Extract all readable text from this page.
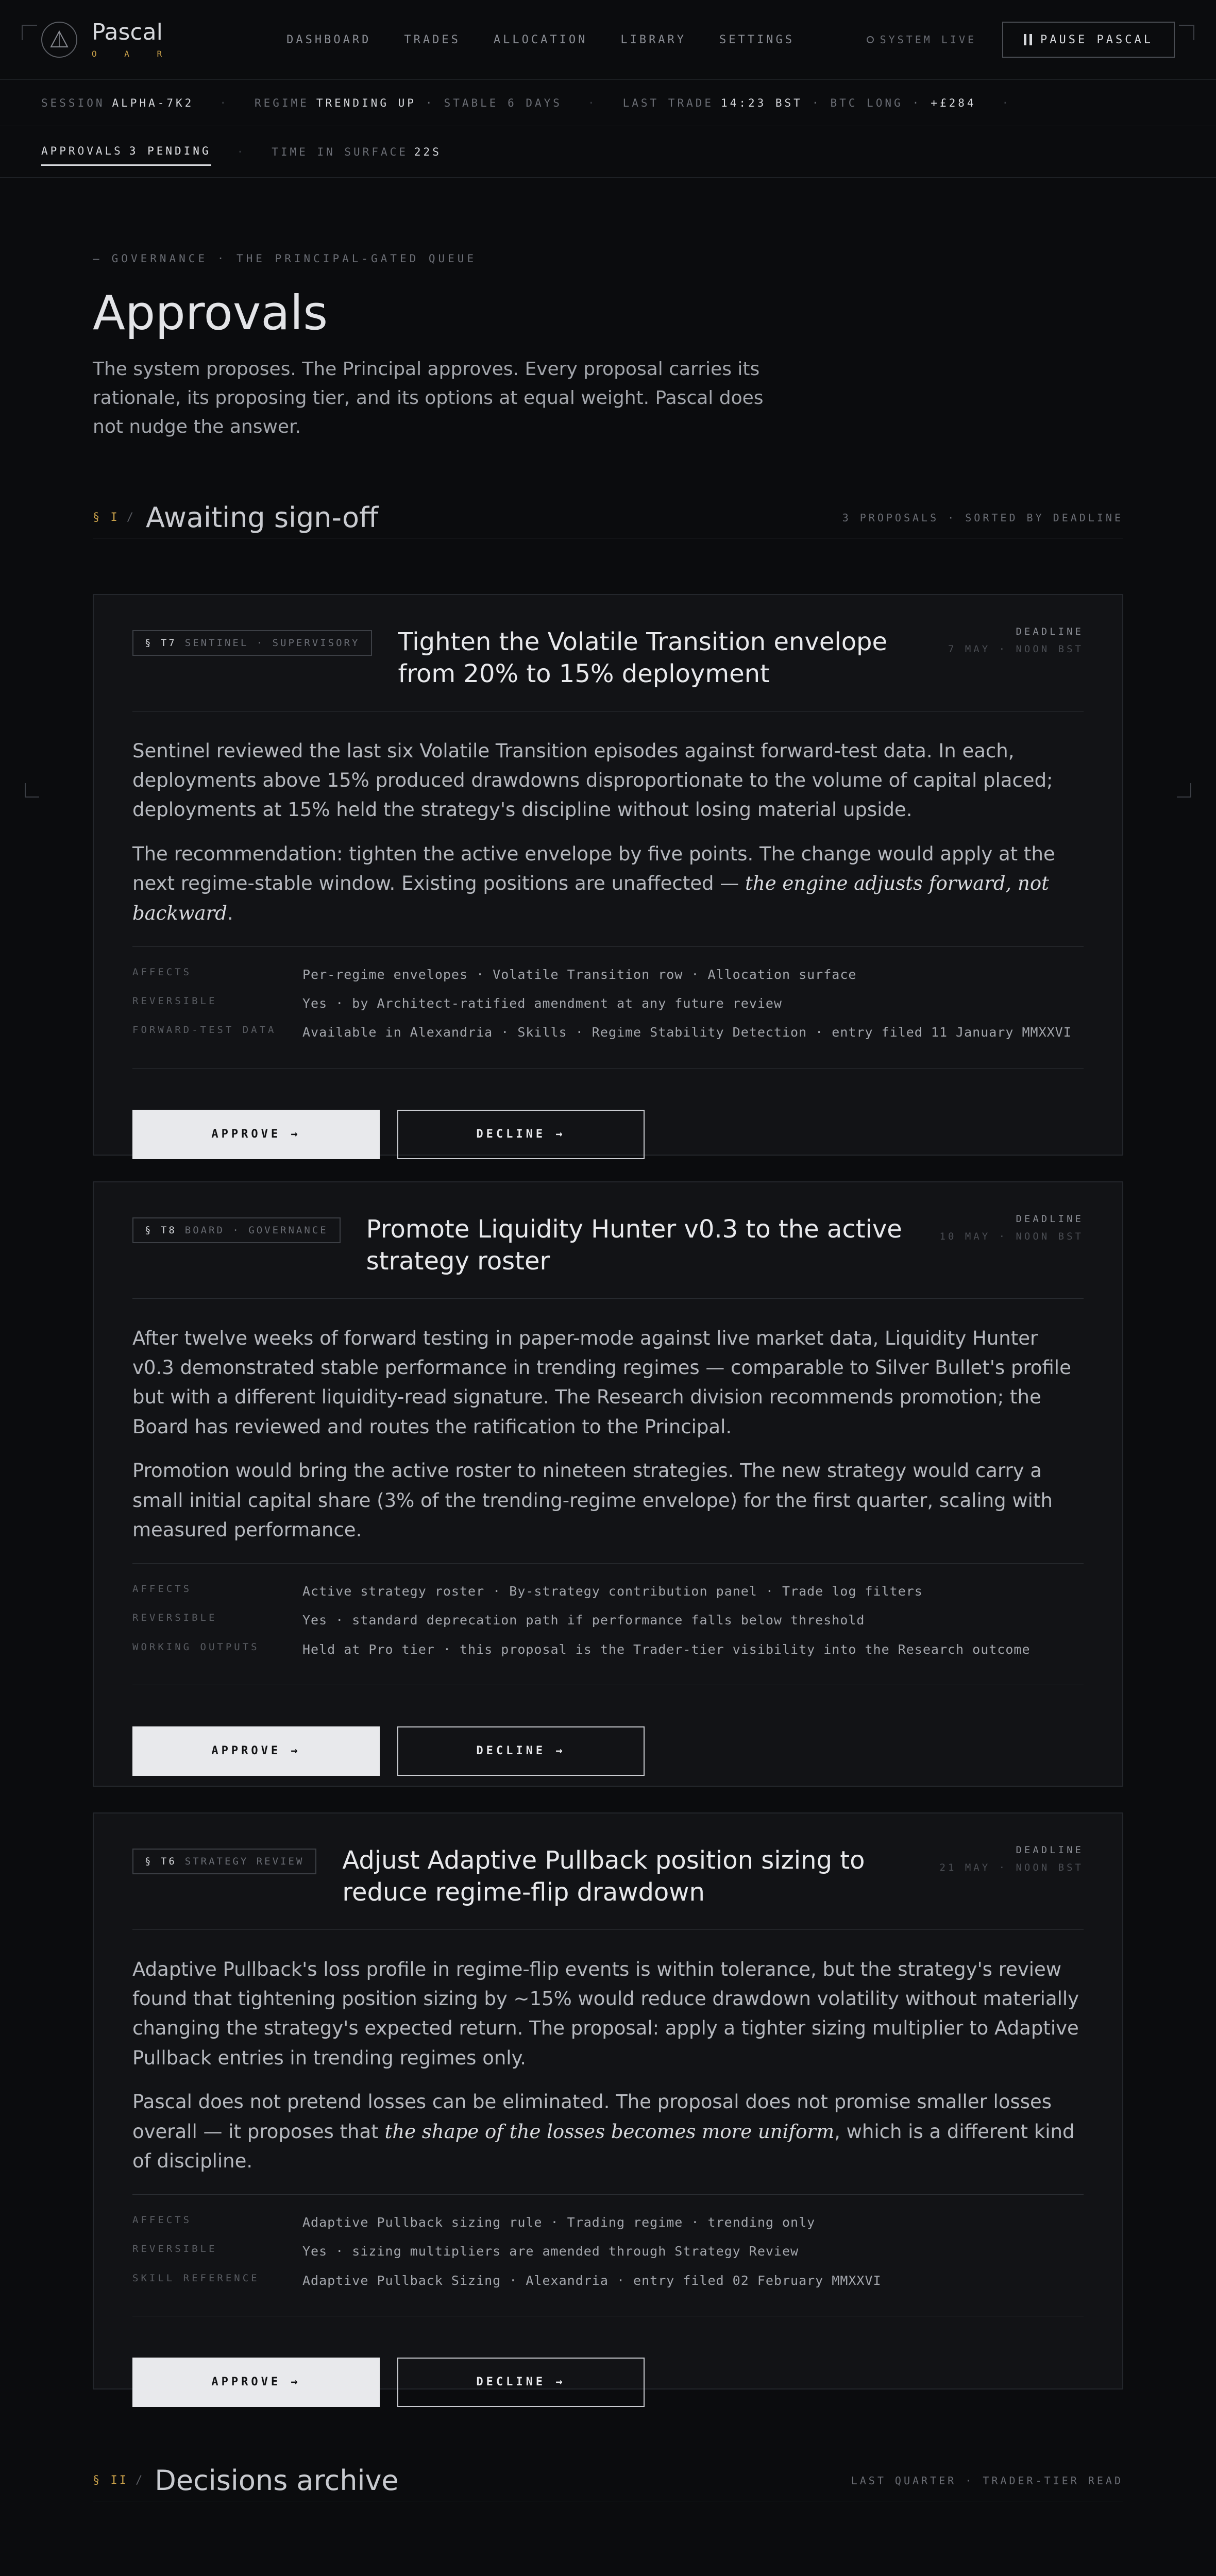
Pascal
O A R
DASHBOARD	TRADES	ALLOCATION	LIBRARY	SETTINGS	SYSTEM LIVE	PAUSE PASCAL
SESSION ALPHA-7K2 · REGIME TRENDING UP · STABLE 6 DAYS · LAST TRADE 14:23 BST · BTC LONG · +£284 ·
APPROVALS 3 PENDING · TIME IN SURFACE 22S
— GOVERNANCE · THE PRINCIPAL-GATED QUEUE
Approvals

The system proposes. The Principal approves. Every proposal carries its rationale, its proposing tier, and its options at equal weight. Pascal does not nudge the answer.

§ I / Awaiting sign-off	3 PROPOSALS · SORTED BY DEADLINE
§ T7 SENTINEL · SUPERVISORY	Tighten the Volatile Transition envelope from 20% to 15% deployment
DEADLINE
7 MAY · NOON BST

Sentinel reviewed the last six Volatile Transition episodes against forward-test data. In each, deployments above 15% produced drawdowns disproportionate to the volume of capital placed; deployments at 15% held the strategy's discipline without losing material upside.

The recommendation: tighten the active envelope by five points. The change would apply at the next regime-stable window. Existing positions are unaffected — the engine adjusts forward, not backward.

AFFECTS	Per-regime envelopes · Volatile Transition row · Allocation surface
REVERSIBLE	Yes · by Architect-ratified amendment at any future review
FORWARD-TEST DATA	Available in Alexandria · Skills · Regime Stability Detection · entry filed 11 January MMXXVI
APPROVE →	DECLINE →
§ T8 BOARD · GOVERNANCE	Promote Liquidity Hunter v0.3 to the active strategy roster
DEADLINE
10 MAY · NOON BST

After twelve weeks of forward testing in paper-mode against live market data, Liquidity Hunter v0.3 demonstrated stable performance in trending regimes — comparable to Silver Bullet's profile but with a different liquidity-read signature. The Research division recommends promotion; the Board has reviewed and routes the ratification to the Principal.

Promotion would bring the active roster to nineteen strategies. The new strategy would carry a small initial capital share (3% of the trending-regime envelope) for the first quarter, scaling with measured performance.

AFFECTS	Active strategy roster · By-strategy contribution panel · Trade log filters
REVERSIBLE	Yes · standard deprecation path if performance falls below threshold
WORKING OUTPUTS	Held at Pro tier · this proposal is the Trader-tier visibility into the Research outcome
APPROVE →	DECLINE →
§ T6 STRATEGY REVIEW	Adjust Adaptive Pullback position sizing to reduce regime-flip drawdown
DEADLINE
21 MAY · NOON BST

Adaptive Pullback's loss profile in regime-flip events is within tolerance, but the strategy's review found that tightening position sizing by ~15% would reduce drawdown volatility without materially changing the strategy's expected return. The proposal: apply a tighter sizing multiplier to Adaptive Pullback entries in trending regimes only.

Pascal does not pretend losses can be eliminated. The proposal does not promise smaller losses overall — it proposes that the shape of the losses becomes more uniform, which is a different kind of discipline.

AFFECTS	Adaptive Pullback sizing rule · Trading regime · trending only
REVERSIBLE	Yes · sizing multipliers are amended through Strategy Review
SKILL REFERENCE	Adaptive Pullback Sizing · Alexandria · entry filed 02 February MMXXVI
APPROVE →	DECLINE →
§ II / Decisions archive	LAST QUARTER · TRADER-TIER READ
